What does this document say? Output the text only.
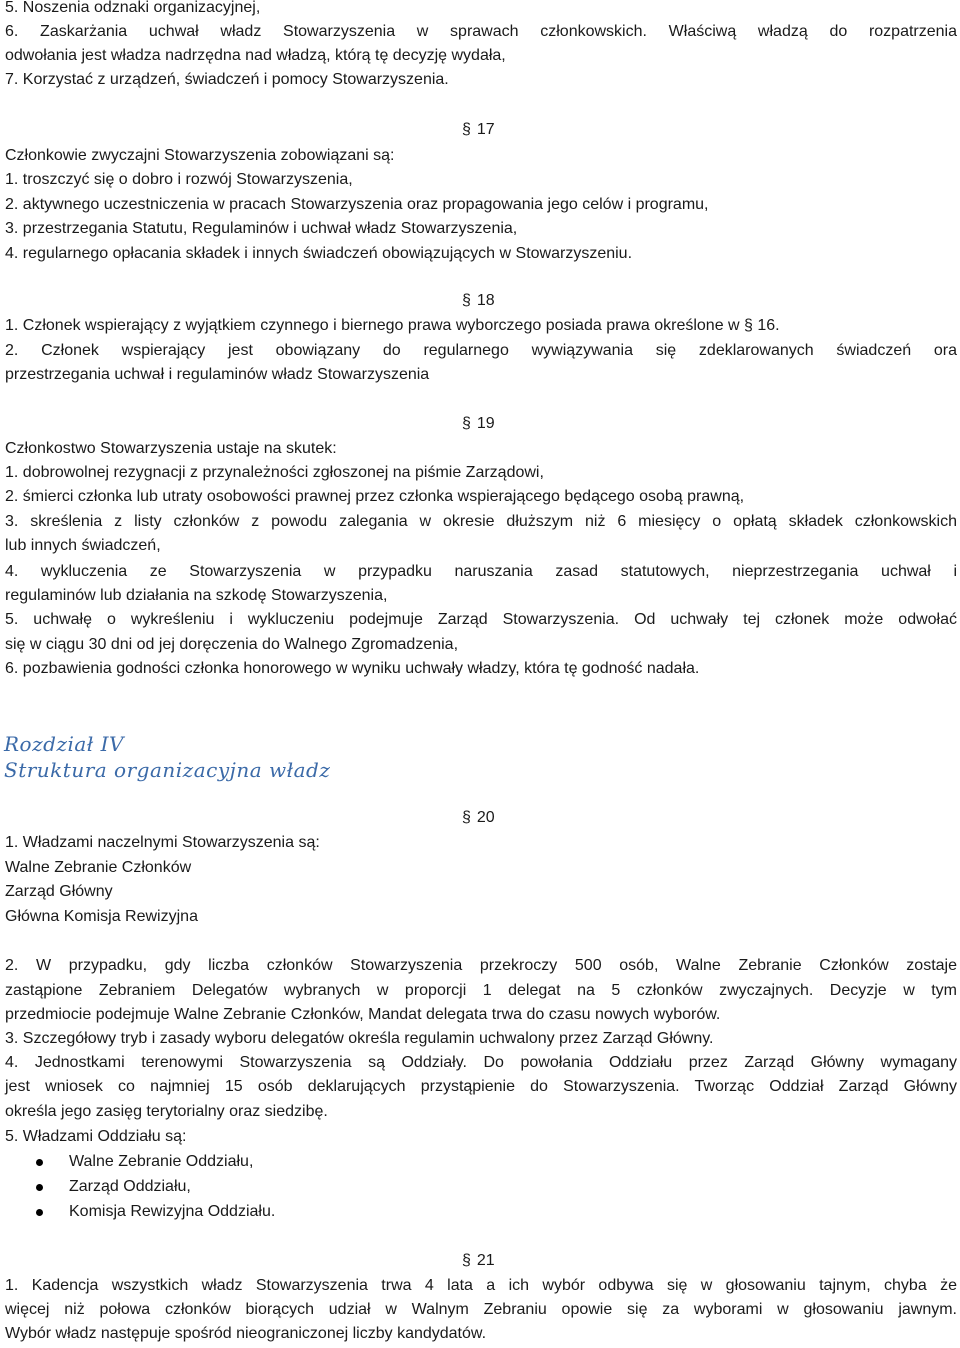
5. Noszenia odznaki organizacyjnej,
6. Zaskarżania uchwał władz Stowarzyszenia w sprawach członkowskich. Właściwą władzą do rozpatrzenia
odwołania jest władza nadrzędna nad władzą, którą tę decyzję wydała,
7. Korzystać z urządzeń, świadczeń i pomocy Stowarzyszenia.
§ 17
Członkowie zwyczajni Stowarzyszenia zobowiązani są:
1. troszczyć się o dobro i rozwój Stowarzyszenia,
2. aktywnego uczestniczenia w pracach Stowarzyszenia oraz propagowania jego celów i programu,
3. przestrzegania Statutu, Regulaminów i uchwał władz Stowarzyszenia,
4. regularnego opłacania składek i innych świadczeń obowiązujących w Stowarzyszeniu.
§ 18
1. Członek wspierający z wyjątkiem czynnego i biernego prawa wyborczego posiada prawa określone w § 16.
2. Członek wspierający jest obowiązany do regularnego wywiązywania się zdeklarowanych świadczeń ora
przestrzegania uchwał i regulaminów władz Stowarzyszenia
§ 19
Członkostwo Stowarzyszenia ustaje na skutek:
1. dobrowolnej rezygnacji z przynależności zgłoszonej na piśmie Zarządowi,
2. śmierci członka lub utraty osobowości prawnej przez członka wspierającego będącego osobą prawną,
3. skreślenia z listy członków z powodu zalegania w okresie dłuższym niż 6 miesięcy o opłatą składek członkowskich
lub innych świadczeń,
4. wykluczenia ze Stowarzyszenia w przypadku naruszania zasad statutowych, nieprzestrzegania uchwał i
regulaminów lub działania na szkodę Stowarzyszenia,
5. uchwałę o wykreśleniu i wykluczeniu podejmuje Zarząd Stowarzyszenia. Od uchwały tej członek może odwołać
się w ciągu 30 dni od jej doręczenia do Walnego Zgromadzenia,
6. pozbawienia godności członka honorowego w wyniku uchwały władzy, która tę godność nadała.
Rozdział IV
Struktura organizacyjna władz
§ 20
1. Władzami naczelnymi Stowarzyszenia są:
Walne Zebranie Członków
Zarząd Główny
Główna Komisja Rewizyjna
2. W przypadku, gdy liczba członków Stowarzyszenia przekroczy 500 osób, Walne Zebranie Członków zostaje
zastąpione Zebraniem Delegatów wybranych w proporcji 1 delegat na 5 członków zwyczajnych. Decyzje w tym
przedmiocie podejmuje Walne Zebranie Członków, Mandat delegata trwa do czasu nowych wyborów.
3. Szczegółowy tryb i zasady wyboru delegatów określa regulamin uchwalony przez Zarząd Główny.
4. Jednostkami terenowymi Stowarzyszenia są Oddziały. Do powołania Oddziału przez Zarząd Główny wymagany
jest wniosek co najmniej 15 osób deklarujących przystąpienie do Stowarzyszenia. Tworząc Oddział Zarząd Główny
określa jego zasięg terytorialny oraz siedzibę.
5. Władzami Oddziału są:
Walne Zebranie Oddziału,
Zarząd Oddziału,
Komisja Rewizyjna Oddziału.
§ 21
1. Kadencja wszystkich władz Stowarzyszenia trwa 4 lata a ich wybór odbywa się w głosowaniu tajnym, chyba że
więcej niż połowa członków biorących udział w Walnym Zebraniu opowie się za wyborami w głosowaniu jawnym.
Wybór władz następuje spośród nieograniczonej liczby kandydatów.
